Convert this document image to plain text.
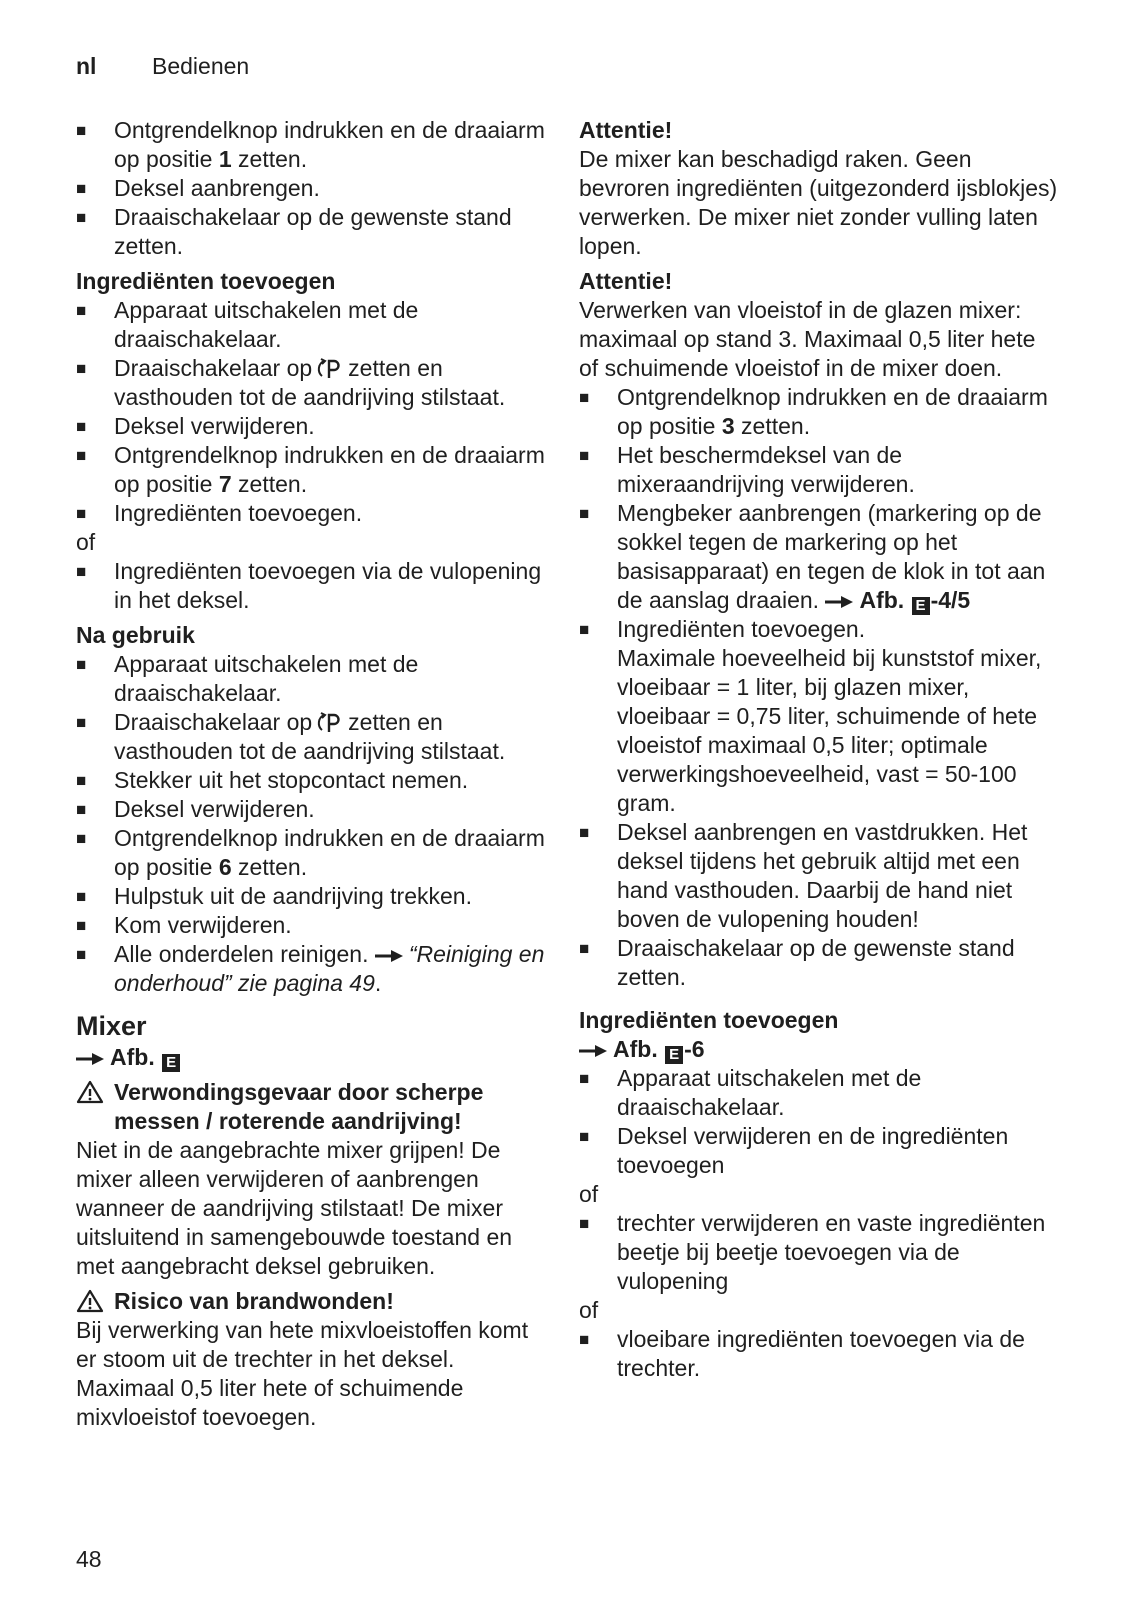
nl Bedienen
■ Ontgrendelknop indrukken en de draaiarm op positie 1 zetten.
■ Deksel aanbrengen.
■ Draaischakelaar op de gewenste stand zetten.
Ingrediënten toevoegen
■ Apparaat uitschakelen met de draaischakelaar.
■ Draaischakelaar op zetten en vasthouden tot de aandrijving stilstaat.
■ Deksel verwijderen.
■ Ontgrendelknop indrukken en de draaiarm op positie 7 zetten.
■ Ingrediënten toevoegen.
of
■ Ingrediënten toevoegen via de vulopening in het deksel.
Na gebruik
■ Apparaat uitschakelen met de draaischakelaar.
■ Draaischakelaar op zetten en vasthouden tot de aandrijving stilstaat.
■ Stekker uit het stopcontact nemen.
■ Deksel verwijderen.
■ Ontgrendelknop indrukken en de draaiarm op positie 6 zetten.
■ Hulpstuk uit de aandrijving trekken.
■ Kom verwijderen.
■ Alle onderdelen reinigen. “Reiniging en onderhoud” zie pagina 49.
Mixer
Afb. E
Verwondingsgevaar door scherpe messen / roterende aandrijving!
Niet in de aangebrachte mixer grijpen! De mixer alleen verwijderen of aanbrengen wanneer de aandrijving stilstaat! De mixer uitsluitend in samengebouwde toestand en met aangebracht deksel gebruiken.
Risico van brandwonden!
Bij verwerking van hete mixvloeistoffen komt er stoom uit de trechter in het deksel. Maximaal 0,5 liter hete of schuimende mixvloeistof toevoegen.
Attentie!
De mixer kan beschadigd raken. Geen bevroren ingrediënten (uitgezonderd ijsblokjes) verwerken. De mixer niet zonder vulling laten lopen.
Attentie!
Verwerken van vloeistof in de glazen mixer: maximaal op stand 3. Maximaal 0,5 liter hete of schuimende vloeistof in de mixer doen.
■ Ontgrendelknop indrukken en de draaiarm op positie 3 zetten.
■ Het beschermdeksel van de mixeraandrijving verwijderen.
■ Mengbeker aanbrengen (markering op de sokkel tegen de markering op het basisapparaat) en tegen de klok in tot aan de aanslag draaien. Afb. E -4/5
■ Ingrediënten toevoegen.
Maximale hoeveelheid bij kunststof mixer, vloeibaar = 1 liter, bij glazen mixer, vloeibaar = 0,75 liter, schuimende of hete vloeistof maximaal 0,5 liter; optimale verwerkingshoeveelheid, vast = 50-100 gram.
■ Deksel aanbrengen en vastdrukken. Het deksel tijdens het gebruik altijd met een hand vasthouden. Daarbij de hand niet boven de vulopening houden!
■ Draaischakelaar op de gewenste stand zetten.
Ingrediënten toevoegen
Afb. E -6
■ Apparaat uitschakelen met de draaischakelaar.
■ Deksel verwijderen en de ingrediënten toevoegen
of
■ trechter verwijderen en vaste ingrediënten beetje bij beetje toevoegen via de vulopening
of
■ vloeibare ingrediënten toevoegen via de trechter.
48
